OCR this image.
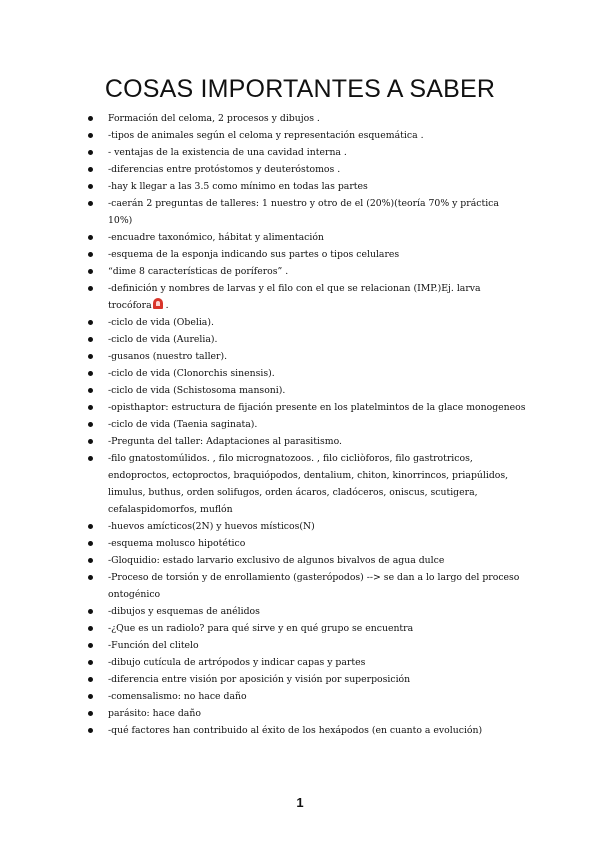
COSAS IMPORTANTES A SABER
Formación del celoma, 2 procesos y dibujos .
-tipos de animales según el celoma y representación esquemática .
- ventajas de la existencia de una cavidad interna .
-diferencias entre protóstomos y deuteróstomos .
-hay k llegar a las 3.5 como mínimo en todas las partes
-caerán 2 preguntas de talleres: 1 nuestro y otro de el (20%)(teoría 70% y práctica 10%)
-encuadre taxonómico, hábitat y alimentación
-esquema de la esponja indicando sus partes o tipos celulares
“dime 8 características de poríferos” .
-definición y nombres de larvas y el filo con el que se relacionan (IMP.)Ej. larva trocófora .
-ciclo de vida (Obelia).
-ciclo de vida (Aurelia).
-gusanos (nuestro taller).
-ciclo de vida (Clonorchis sinensis).
-ciclo de vida (Schistosoma mansoni).
-opisthaptor: estructura de fijación presente en los platelmintos de la glace monogeneos
-ciclo de vida (Taenia saginata).
-Pregunta del taller: Adaptaciones al parasitismo.
-filo gnatostomúlidos. , filo micrognatozoos. , filo cicliòforos, filo gastrotricos, endoproctos, ectoproctos, braquiópodos, dentalium, chiton, kinorrincos, priapúlidos, limulus, buthus, orden solifugos, orden ácaros, cladóceros, oniscus, scutigera, cefalaspidomorfos, muflón
-huevos amícticos(2N) y huevos místicos(N)
-esquema molusco hipotético
-Gloquidio: estado larvario exclusivo de algunos bivalvos de agua dulce
-Proceso de torsión y de enrollamiento (gasterópodos) --> se dan a lo largo del proceso ontogénico
-dibujos y esquemas de anélidos
-¿Que es un radiolo? para qué sirve y en qué grupo se encuentra
-Función del clitelo
-dibujo cutícula de artrópodos y indicar capas y partes
-diferencia entre visión por aposición y visión por superposición
-comensalismo: no hace daño
parásito: hace daño
-qué factores han contribuido al éxito de los hexápodos (en cuanto a evolución)
1
